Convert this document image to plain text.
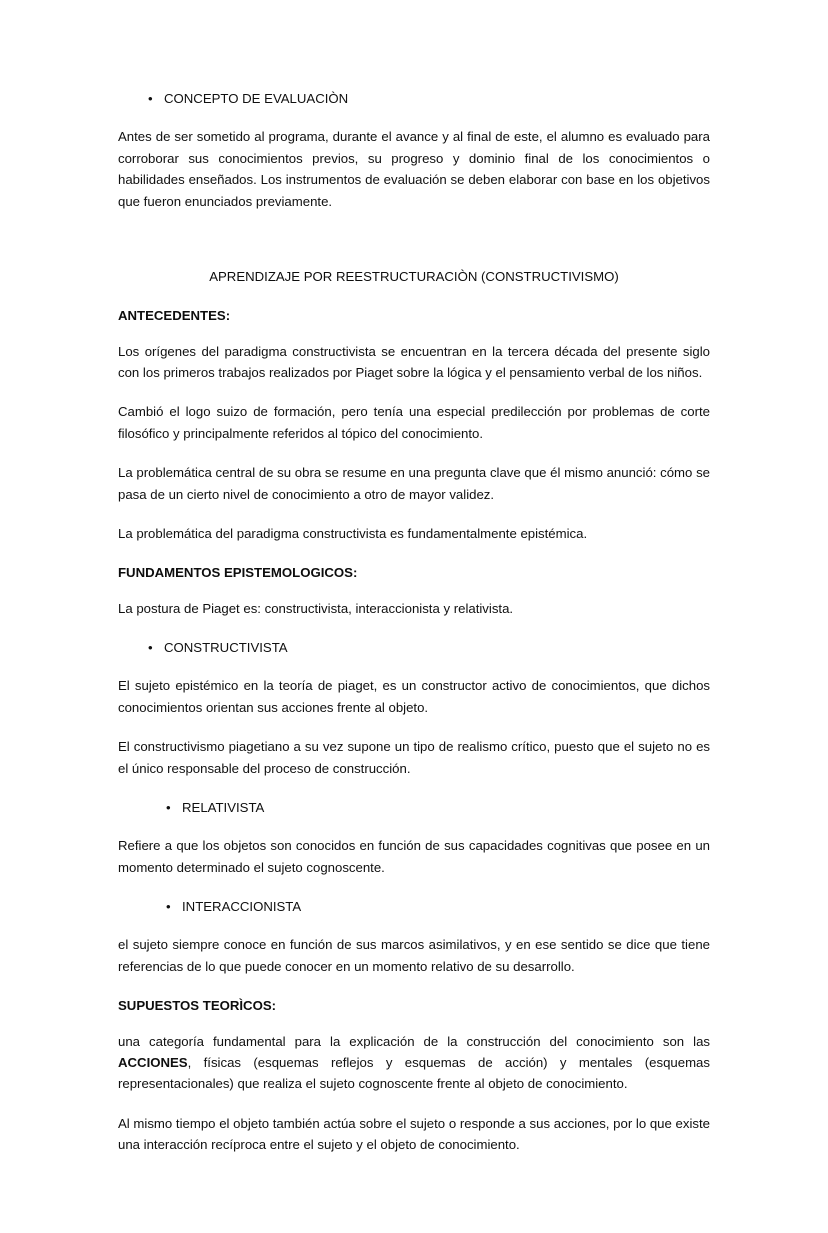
• CONCEPTO DE EVALUACIÒN

Antes de ser sometido al programa, durante el avance y al final de este, el alumno es evaluado para corroborar sus conocimientos previos, su progreso y dominio final de los conocimientos o habilidades enseñados. Los instrumentos de evaluación se deben elaborar con base en los objetivos que fueron enunciados previamente.

APRENDIZAJE POR REESTRUCTURACIÒN (CONSTRUCTIVISMO)
ANTECEDENTES:

Los orígenes del paradigma constructivista se encuentran en la tercera década del presente siglo con los primeros trabajos realizados por Piaget sobre la lógica y el pensamiento verbal de los niños.

Cambió el logo suizo de formación, pero tenía una especial predilección por problemas de corte filosófico y principalmente referidos al tópico del conocimiento.

La problemática central de su obra se resume en una pregunta clave que él mismo anunció: cómo se pasa de un cierto nivel de conocimiento a otro de mayor validez.

La problemática del paradigma constructivista es fundamentalmente epistémica.

FUNDAMENTOS EPISTEMOLOGICOS:

La postura de Piaget es: constructivista, interaccionista y relativista.

• CONSTRUCTIVISTA

El sujeto epistémico en la teoría de piaget, es un constructor activo de conocimientos, que dichos conocimientos orientan sus acciones frente al objeto.

El constructivismo piagetiano a su vez supone un tipo de realismo crítico, puesto que el sujeto no es el único responsable del proceso de construcción.

• RELATIVISTA

Refiere a que los objetos son conocidos en función de sus capacidades cognitivas que posee en un momento determinado el sujeto cognoscente.

• INTERACCIONISTA

el sujeto siempre conoce en función de sus marcos asimilativos, y en ese sentido se dice que tiene referencias de lo que puede conocer en un momento relativo de su desarrollo.

SUPUESTOS TEORÌCOS:

una categoría fundamental para la explicación de la construcción del conocimiento son las ACCIONES, físicas (esquemas reflejos y esquemas de acción) y mentales (esquemas representacionales) que realiza el sujeto cognoscente frente al objeto de conocimiento.

Al mismo tiempo el objeto también actúa sobre el sujeto o responde a sus acciones, por lo que existe una interacción recíproca entre el sujeto y el objeto de conocimiento.
